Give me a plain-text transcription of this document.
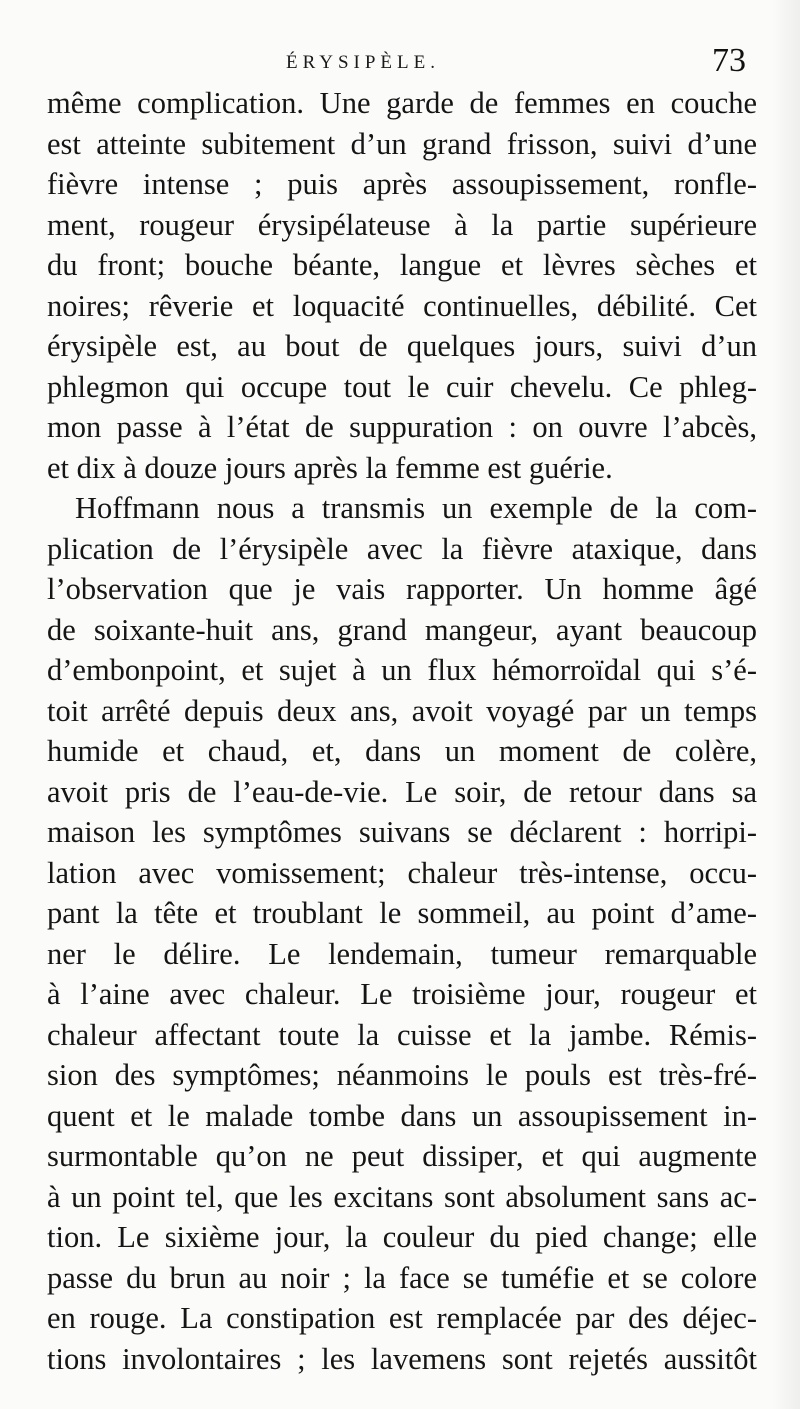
ÉRYSIPÈLE.	73
même complication. Une garde de femmes en couche
est atteinte subitement d’un grand frisson, suivi d’une
fièvre intense ; puis après assoupissement, ronfle-
ment, rougeur érysipélateuse à la partie supérieure
du front; bouche béante, langue et lèvres sèches et
noires; rêverie et loquacité continuelles, débilité. Cet
érysipèle est, au bout de quelques jours, suivi d’un
phlegmon qui occupe tout le cuir chevelu. Ce phleg-
mon passe à l’état de suppuration : on ouvre l’abcès,
et dix à douze jours après la femme est guérie.
Hoffmann nous a transmis un exemple de la com-
plication de l’érysipèle avec la fièvre ataxique, dans
l’observation que je vais rapporter. Un homme âgé
de soixante-huit ans, grand mangeur, ayant beaucoup
d’embonpoint, et sujet à un flux hémorroïdal qui s’é-
toit arrêté depuis deux ans, avoit voyagé par un temps
humide et chaud, et, dans un moment de colère,
avoit pris de l’eau-de-vie. Le soir, de retour dans sa
maison les symptômes suivans se déclarent : horripi-
lation avec vomissement; chaleur très-intense, occu-
pant la tête et troublant le sommeil, au point d’ame-
ner le délire. Le lendemain, tumeur remarquable
à l’aine avec chaleur. Le troisième jour, rougeur et
chaleur affectant toute la cuisse et la jambe. Rémis-
sion des symptômes; néanmoins le pouls est très-fré-
quent et le malade tombe dans un assoupissement in-
surmontable qu’on ne peut dissiper, et qui augmente
à un point tel, que les excitans sont absolument sans ac-
tion. Le sixième jour, la couleur du pied change; elle
passe du brun au noir ; la face se tuméfie et se colore
en rouge. La constipation est remplacée par des déjec-
tions involontaires ; les lavemens sont rejetés aussitôt
